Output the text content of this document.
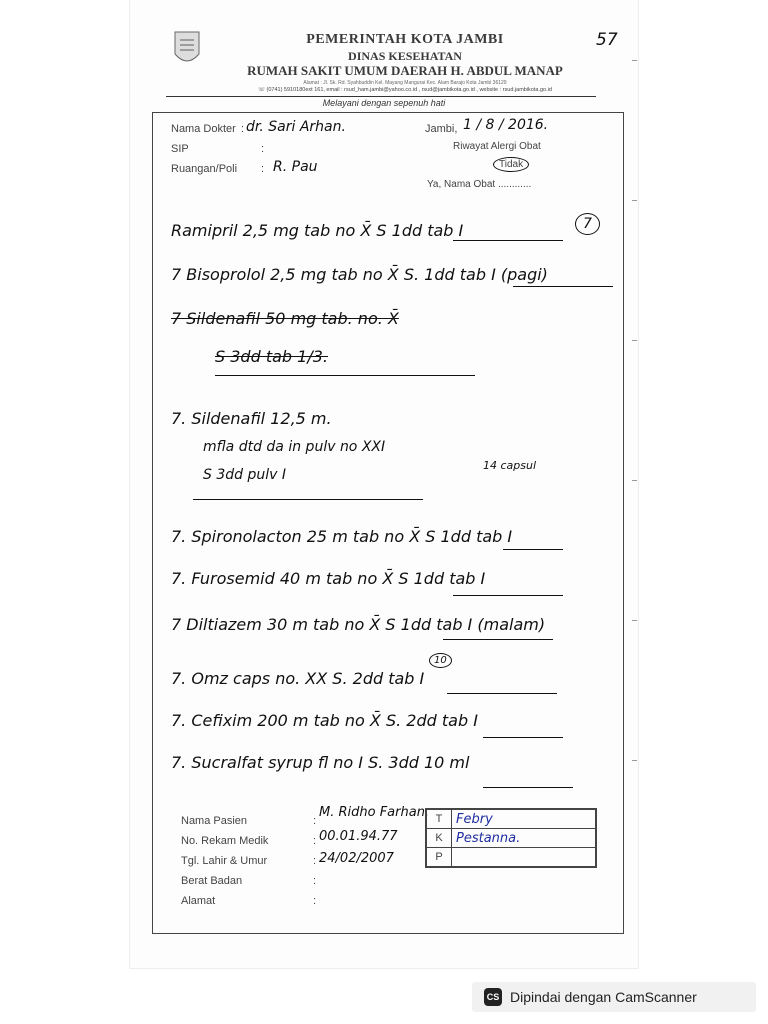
57
PEMERINTAH KOTA JAMBI
DINAS KESEHATAN
RUMAH SAKIT UMUM DAERAH H. ABDUL MANAP
Alamat : Jl. Sk. Rd. Syahbuddin Kel. Mayang Mangurai Kec. Alam Barajo Kota Jambi 36129
☏ (0741) 5910180ext 161, email : rsud_ham.jambi@yahoo.co.id , rsud@jambikota.go.id , website : rsud.jambikota.go.id
Melayani dengan sepenuh hati
Nama Dokter : dr. Sari Arhan.
SIP	:
Ruangan/Poli : R. Pau
Jambi, 1 / 8 / 2016.
Riwayat Alergi Obat
Tidak
Ya, Nama Obat ............
Ramipril 2,5 mg tab no X̄ S 1dd tab I	7
7 Bisoprolol 2,5 mg tab no X̄ S. 1dd tab I (pagi)
7 Sildenafil 50 mg tab. no. X̄
S 3dd tab 1/3.
7. Sildenafil 12,5 m.
mfla dtd da in pulv no XXI
S 3dd pulv I
14 capsul
7. Spironolacton 25 m tab no X̄ S 1dd tab I
7. Furosemid 40 m tab no X̄ S 1dd tab I
7 Diltiazem 30 m tab no X̄ S 1dd tab I (malam)
7. Omz caps no. XX S. 2dd tab I
10
7. Cefixim 200 m tab no X̄ S. 2dd tab I
7. Sucralfat syrup fl no I S. 3dd 10 ml
Nama Pasien	:
M. Ridho Farhan.
No. Rekam Medik	: 00.01.94.77
Tgl. Lahir & Umur	: 24/02/2007
Berat Badan	:
Alamat	:
T	Febry
K	Pestanna.
P	
CS Dipindai dengan CamScanner
